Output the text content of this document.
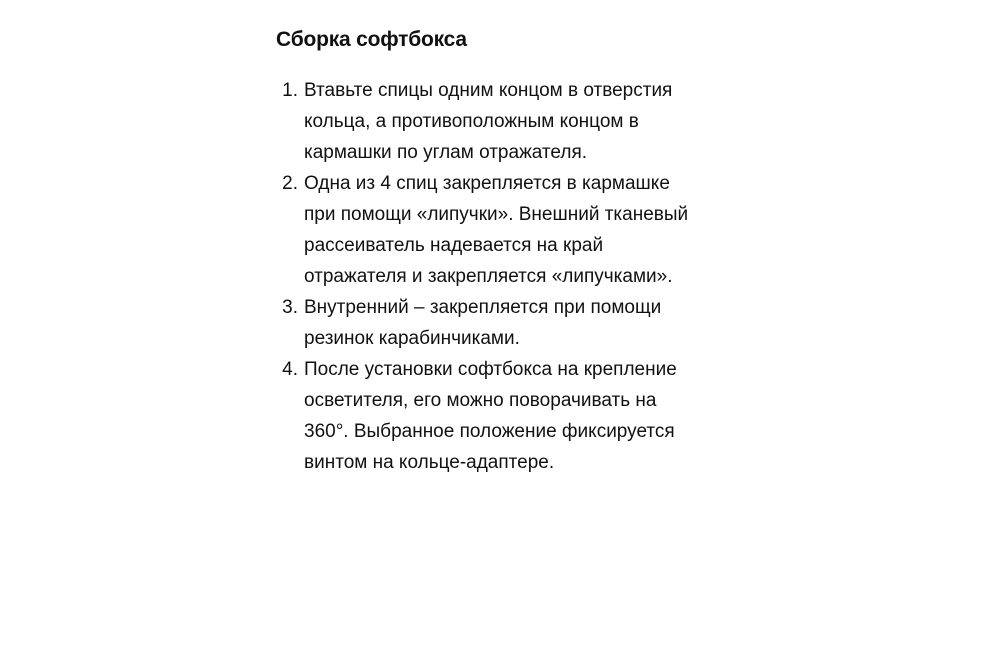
Сборка софтбокса
1. Втавьте спицы одним концом в отверстия кольца, а противоположным концом в кармашки по углам отражателя.
2. Одна из 4 спиц закрепляется в кармашке при помощи «липучки». Внешний тканевый рассеиватель надевается на край отражателя и закрепляется «липучками».
3. Внутренний – закрепляется при помощи резинок карабинчиками.
4. После установки софтбокса на крепление осветителя, его можно поворачивать на 360°. Выбранное положение фиксируется винтом на кольце-адаптере.
